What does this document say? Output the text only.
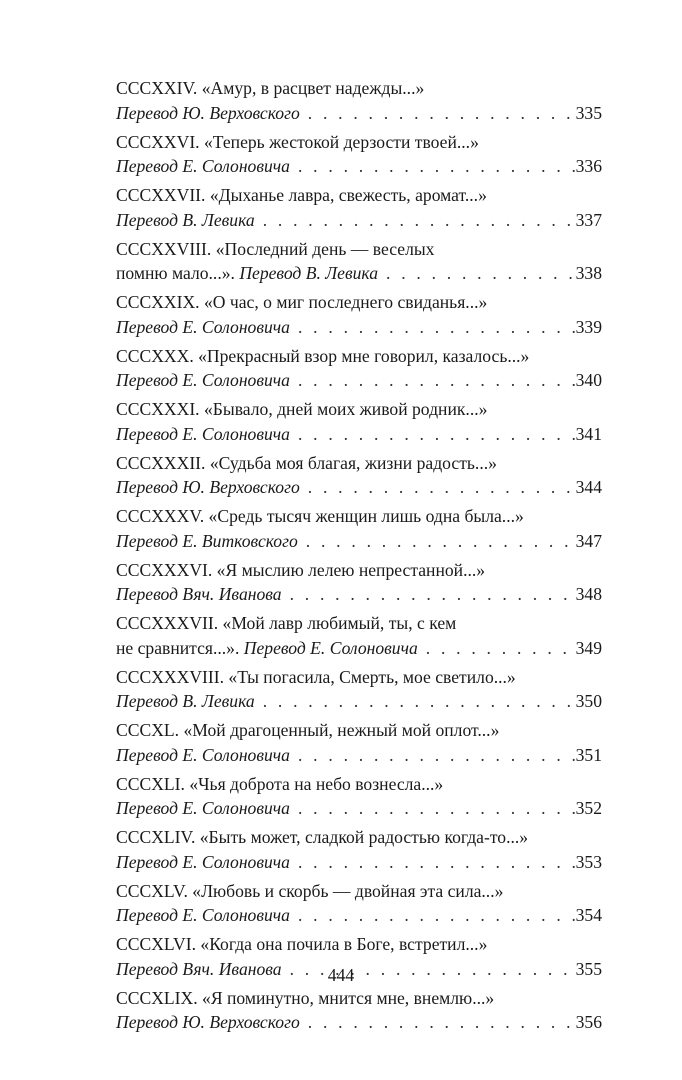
CCCXXIV. «Амур, в расцвет надежды...»
Перевод Ю. Верховского . . .	335
CCCXXVI. «Теперь жестокой дерзости твоей...»
Перевод Е. Солоновича . . .	336
CCCXXVII. «Дыханье лавра, свежесть, аромат...»
Перевод В. Левика . . .	337
CCCXXVIII. «Последний день — веселых
помню мало...». Перевод В. Левика . . .	338
CCCXXIX. «О час, о миг последнего свиданья...»
Перевод Е. Солоновича . . .	339
CCCXXX. «Прекрасный взор мне говорил, казалось...»
Перевод Е. Солоновича . . .	340
CCCXXXI. «Бывало, дней моих живой родник...»
Перевод Е. Солоновича . . .	341
CCCXXXII. «Судьба моя благая, жизни радость...»
Перевод Ю. Верховского . . .	344
CCCXXXV. «Средь тысяч женщин лишь одна была...»
Перевод Е. Витковского . . .	347
CCCXXXVI. «Я мыслию лелею непрестанной...»
Перевод Вяч. Иванова . . .	348
CCCXXXVII. «Мой лавр любимый, ты, с кем
не сравнится...». Перевод Е. Солоновича . . .	349
CCCXXXVIII. «Ты погасила, Смерть, мое светило...»
Перевод В. Левика . . .	350
CCCXL. «Мой драгоценный, нежный мой оплот...»
Перевод Е. Солоновича . . .	351
CCCXLI. «Чья доброта на небо вознесла...»
Перевод Е. Солоновича . . .	352
CCCXLIV. «Быть может, сладкой радостью когда-то...»
Перевод Е. Солоновича . . .	353
CCCXLV. «Любовь и скорбь — двойная эта сила...»
Перевод Е. Солоновича . . .	354
CCCXLVI. «Когда она почила в Боге, встретил...»
Перевод Вяч. Иванова . . .	355
CCCXLIX. «Я поминутно, мнится мне, внемлю...»
Перевод Ю. Верховского . . .	356
444
